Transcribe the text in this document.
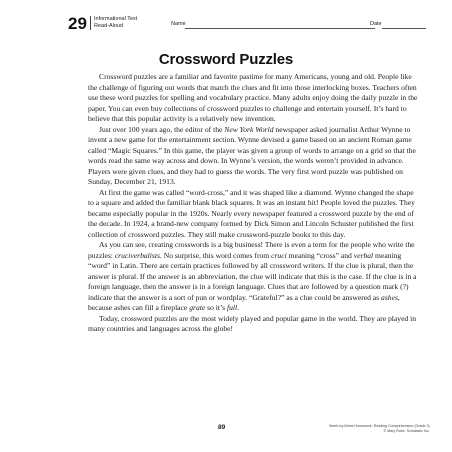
29 Informational Text
Read-Aloud	Name	Date
Crossword Puzzles

Crossword puzzles are a familiar and favorite pastime for many Americans, young and old. People like the challenge of figuring out words that match the clues and fit into those interlocking boxes. Teachers often use these word puzzles for spelling and vocabulary practice. Many adults enjoy doing the daily puzzle in the paper. You can even buy collections of crossword puzzles to challenge and entertain yourself. It’s hard to believe that this popular activity is a relatively new invention.

Just over 100 years ago, the editor of the New York World newspaper asked journalist Arthur Wynne to invent a new game for the entertainment section. Wynne devised a game based on an ancient Roman game called “Magic Squares.” In this game, the player was given a group of words to arrange on a grid so that the words read the same way across and down. In Wynne’s version, the words weren’t provided in advance. Players were given clues, and they had to guess the words. The very first word puzzle was published on Sunday, December 21, 1913.

At first the game was called “word-cross,” and it was shaped like a diamond. Wynne changed the shape to a square and added the familiar blank black squares. It was an instant hit! People loved the puzzles. They became especially popular in the 1920s. Nearly every newspaper featured a crossword puzzle by the end of the decade. In 1924, a brand-new company formed by Dick Simon and Lincoln Schuster published the first collection of crossword puzzles. They still make crossword-puzzle books to this day.

As you can see, creating crosswords is a big business! There is even a term for the people who write the puzzles: cruciverbalists. No surprise, this word comes from cruci meaning “cross” and verbal meaning “word” in Latin. There are certain practices followed by all crossword writers. If the clue is plural, then the answer is plural. If the answer is an abbreviation, the clue will indicate that this is the case. If the clue is in a foreign language, then the answer is in a foreign language. Clues that are followed by a question mark (?) indicate that the answer is a sort of pun or wordplay. “Grateful?” as a clue could be answered as ashes, because ashes can fill a fireplace grate so it’s full.

Today, crossword puzzles are the most widely played and popular game in the world. They are played in many countries and languages across the globe!

89	Week-by-Week Homework: Reading Comprehension (Grade 3)
© Mary Rose, Scholastic Inc.
